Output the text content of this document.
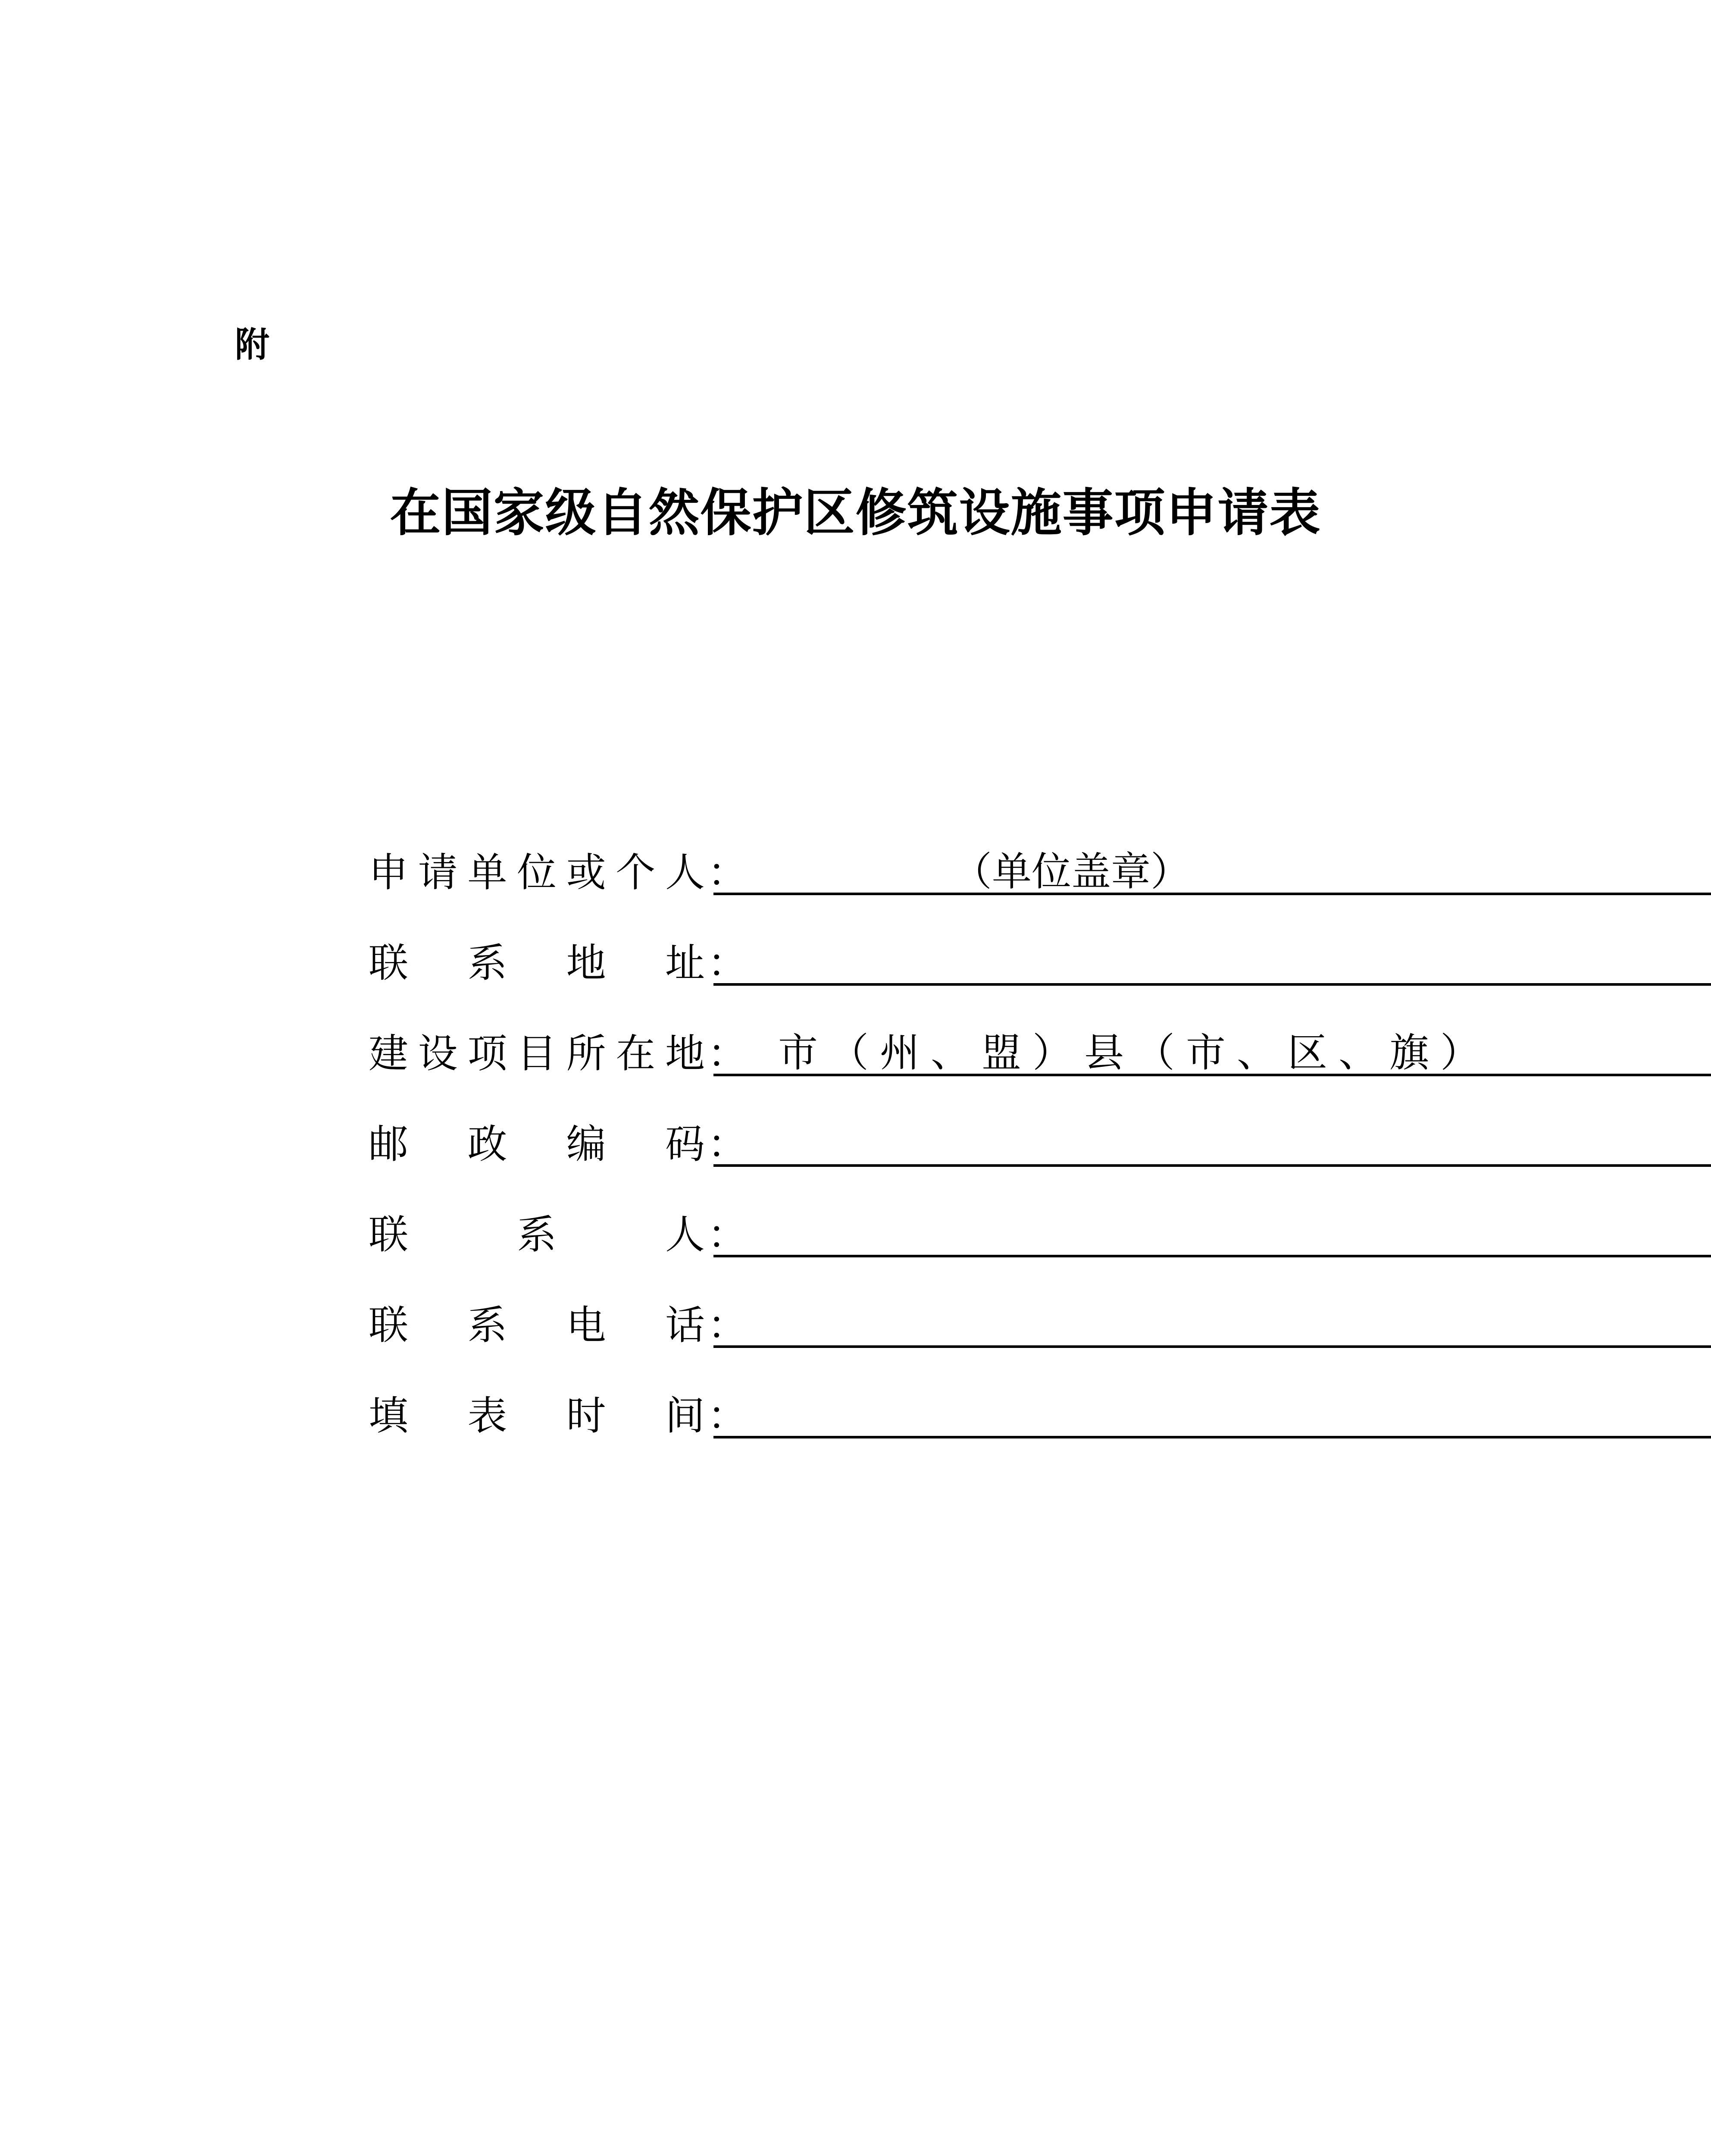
附
在国家级自然保护区修筑设施事项申请表
申 请 单 位 或 个 人 ：	（单位盖章）
联 系 地 址 ：
建 设 项 目 所 在 地 ： 市（州、盟） 县（市、区、旗）
邮 政 编 码 ：
联	系	人 ：
联 系 电 话 ：
填 表 时 间 ：
